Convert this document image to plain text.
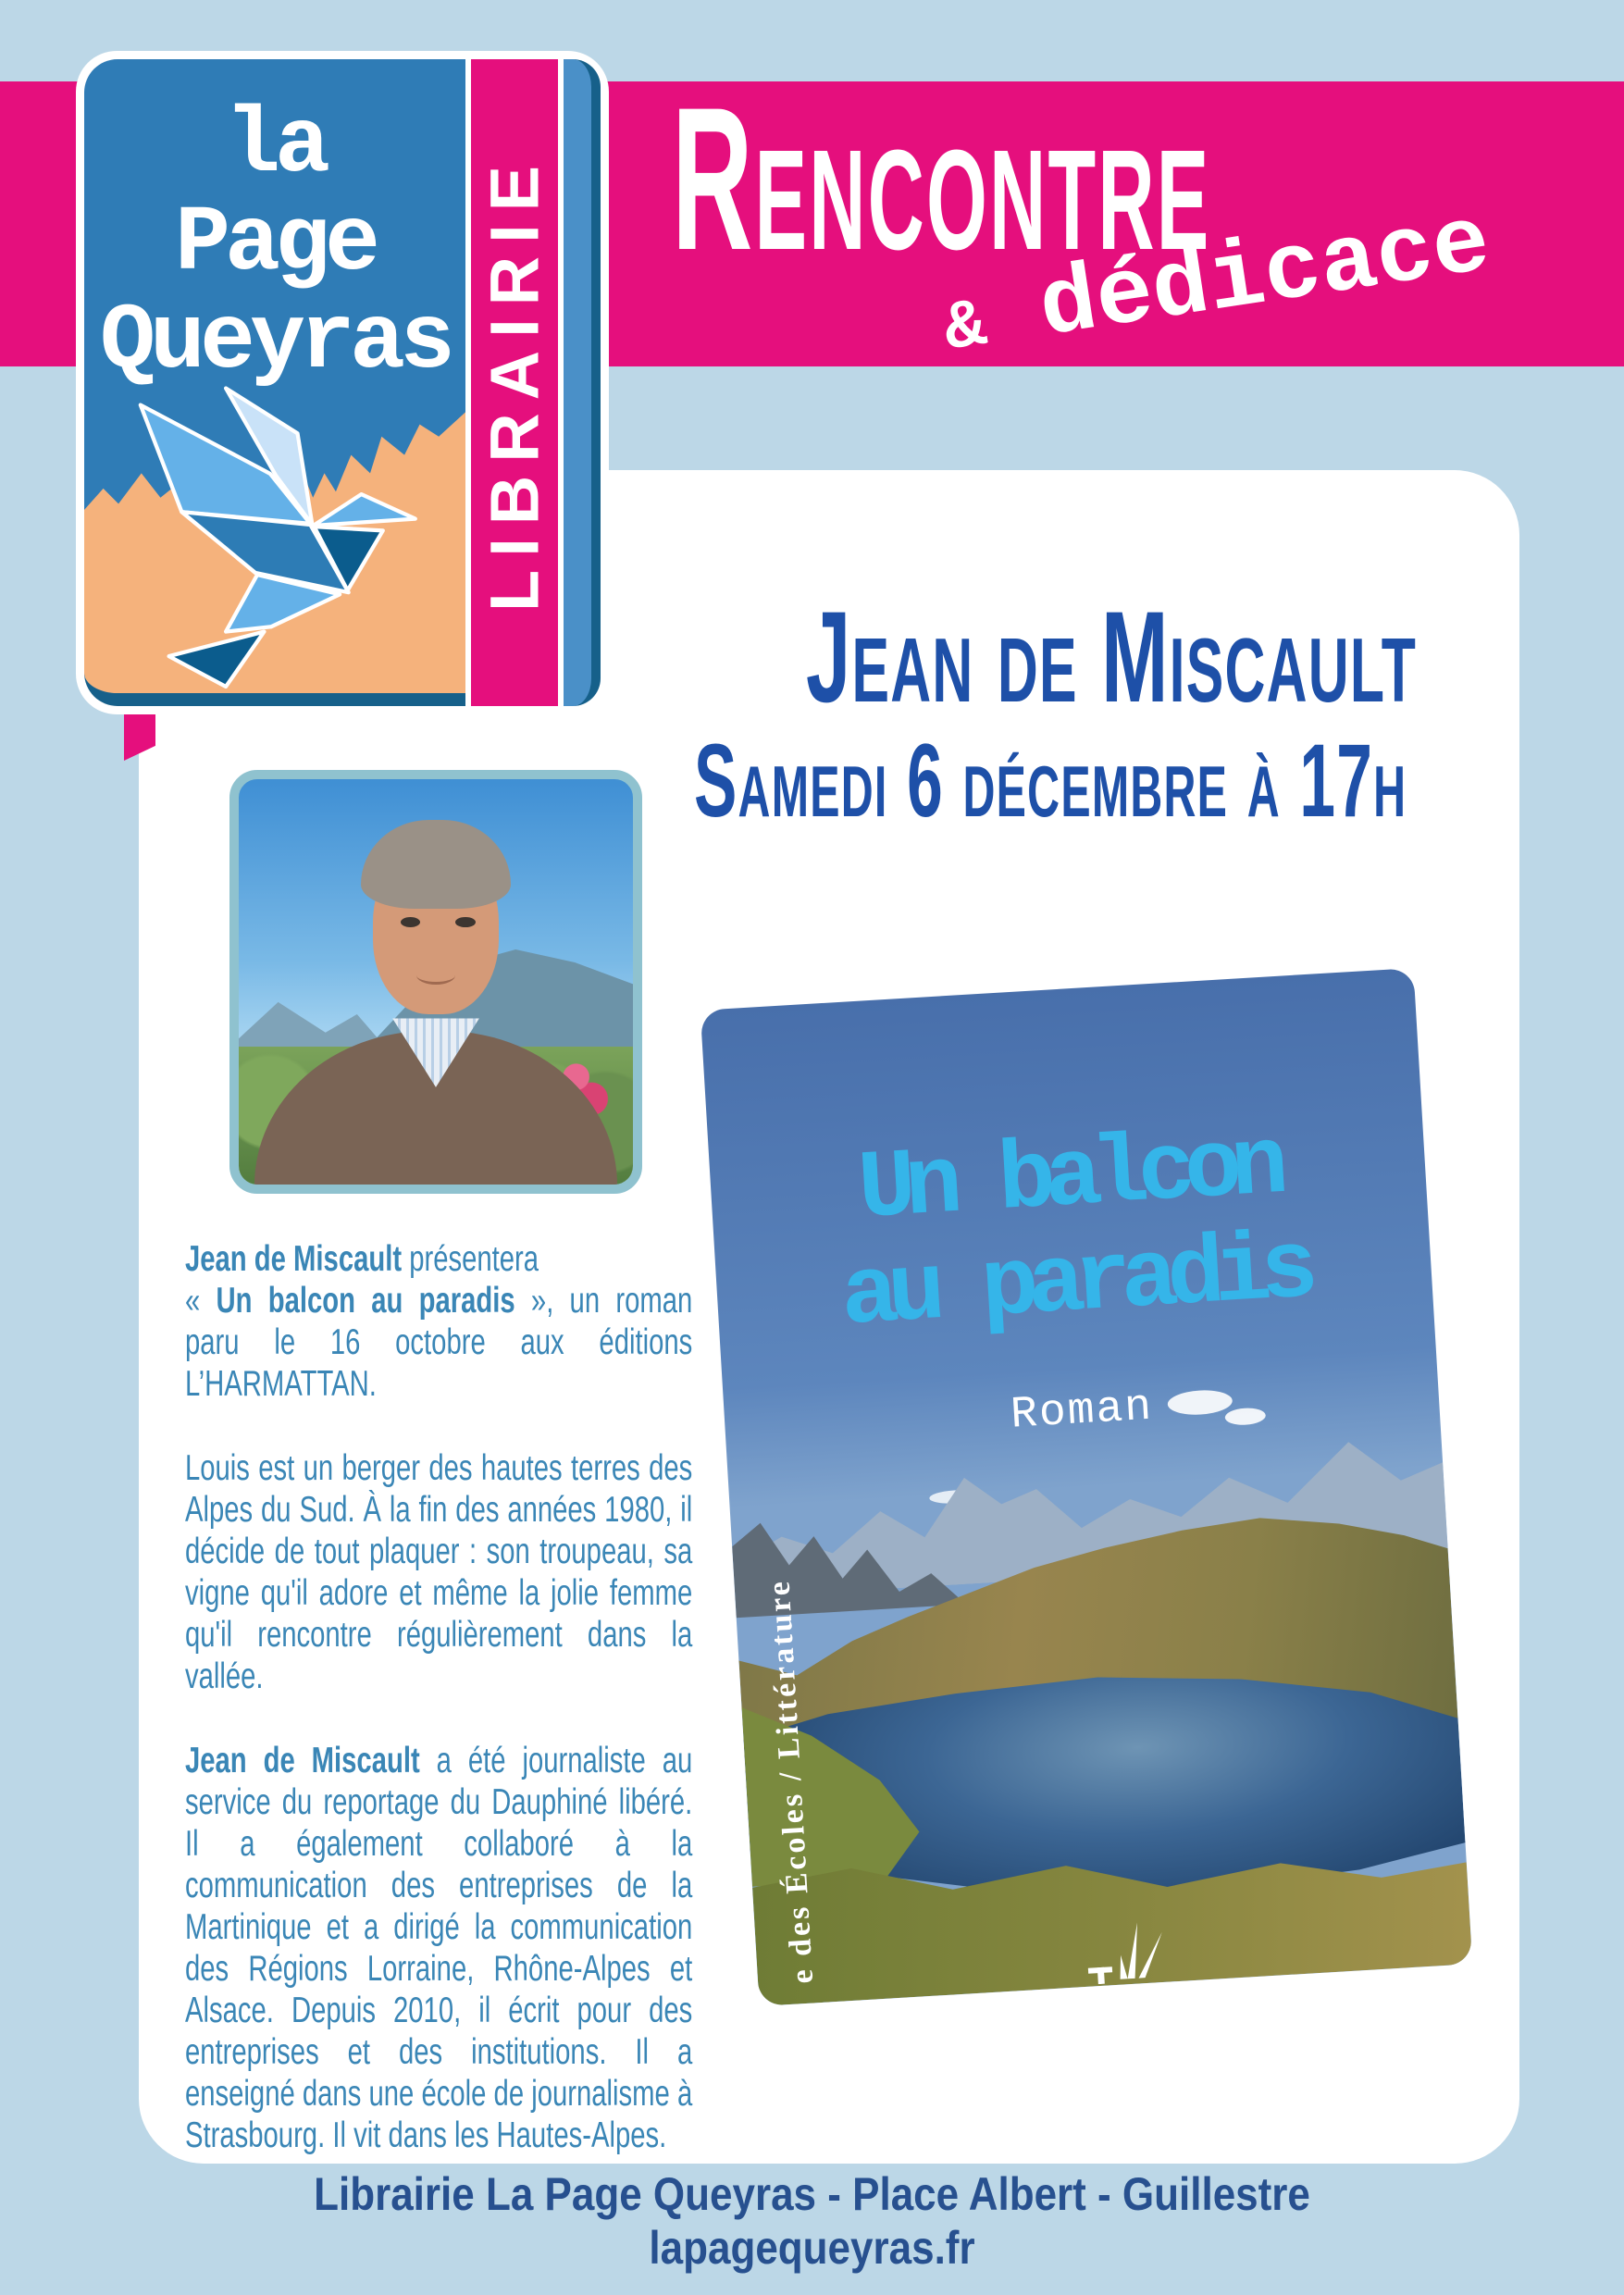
Rencontre
& dédicace
la
Page
Queyras LIBRAIRIE
Jean de Miscault
Samedi 6 décembre à 17h
Un balcon
au paradis
Roman
e des Écoles / Littérature

Jean de Miscault présentera
« Un balcon au paradis », un roman paru le 16 octobre aux éditions L’HARMATTAN.

Louis est un berger des hautes terres des Alpes du Sud. À la fin des années 1980, il décide de tout plaquer : son troupeau, sa vigne qu'il adore et même la jolie femme qu'il rencontre régulièrement dans la vallée.

Jean de Miscault a été journaliste au service du reportage du Dauphiné libéré. Il a également collaboré à la communication des entreprises de la Martinique et a dirigé la communication des Régions Lorraine, Rhône-Alpes et Alsace. Depuis 2010, il écrit pour des entreprises et des institutions. Il a enseigné dans une école de journalisme à Strasbourg. Il vit dans les Hautes-Alpes.

Librairie La Page Queyras - Place Albert - Guillestre
lapagequeyras.fr
